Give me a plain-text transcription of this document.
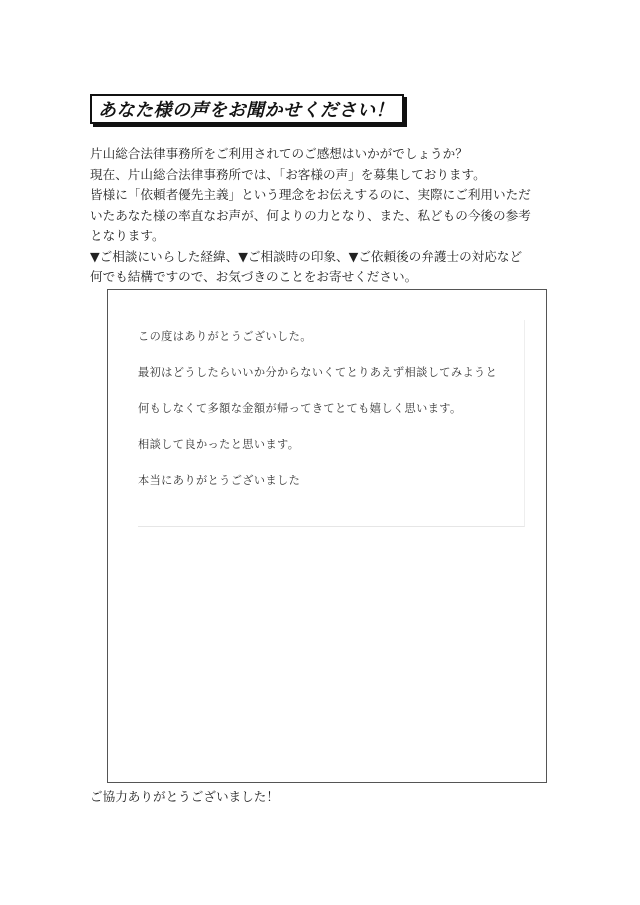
あなた様の声をお聞かせください！
片山総合法律事務所をご利用されてのご感想はいかがでしょうか？
現在、片山総合法律事務所では、「お客様の声」を募集しております。
皆様に「依頼者優先主義」という理念をお伝えするのに、実際にご利用いただ
いたあなた様の率直なお声が、何よりの力となり、また、私どもの今後の参考
となります。
▼ご相談にいらした経緯、▼ご相談時の印象、▼ご依頼後の弁護士の対応など
何でも結構ですので、お気づきのことをお寄せください。
この度はありがとうございした。
最初はどうしたらいいか分からないくてとりあえず相談してみようと
何もしなくて多額な金額が帰ってきてとても嬉しく思います。
相談して良かったと思います。
本当にありがとうございました
ご協力ありがとうございました！
